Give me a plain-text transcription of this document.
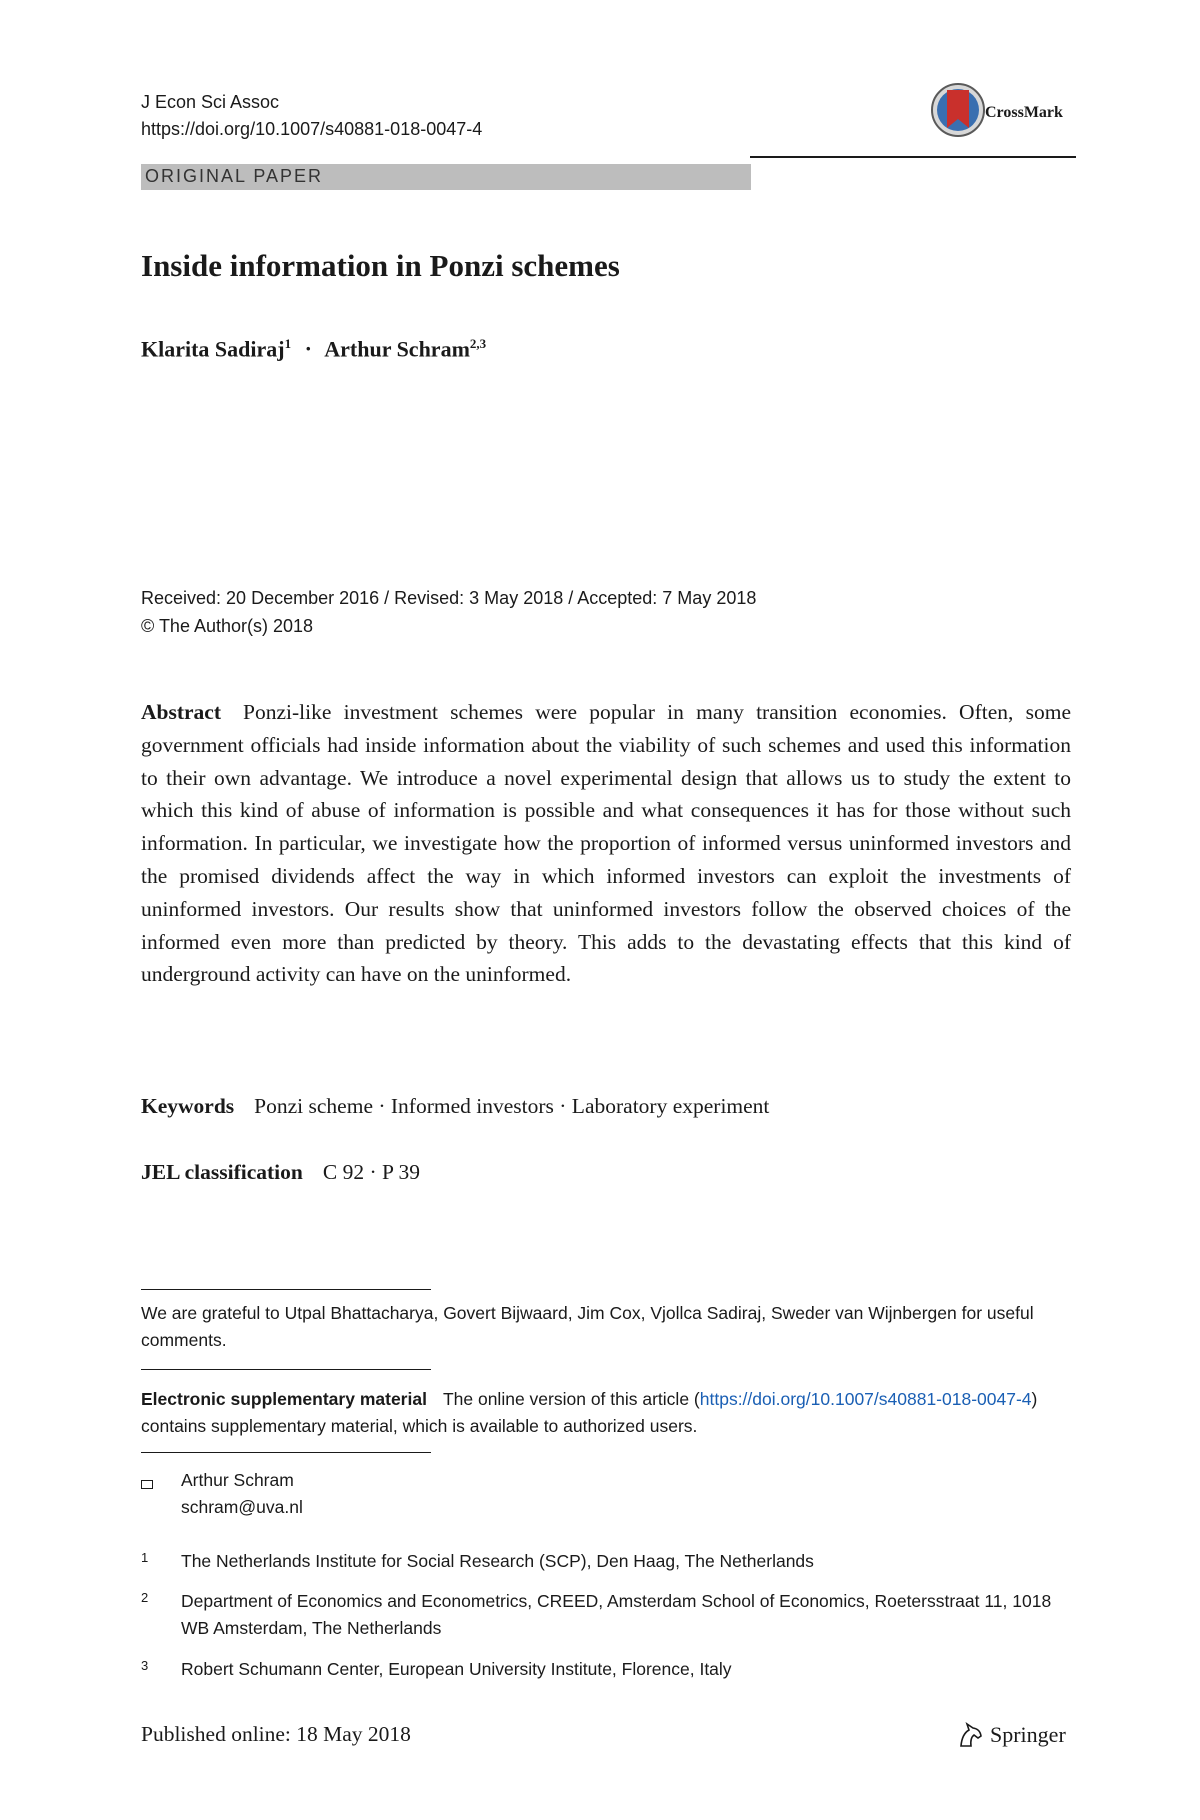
J Econ Sci Assoc
https://doi.org/10.1007/s40881-018-0047-4
CrossMark
ORIGINAL PAPER
Inside information in Ponzi schemes
Klarita Sadiraj$^1$ · Arthur Schram$^{2,3}$
Received: 20 December 2016 / Revised: 3 May 2018 / Accepted: 7 May 2018
© The Author(s) 2018
Abstract Ponzi-like investment schemes were popular in many transition economies. Often, some government officials had inside information about the viability of such schemes and used this information to their own advantage. We introduce a novel experimental design that allows us to study the extent to which this kind of abuse of information is possible and what consequences it has for those without such information. In particular, we investigate how the proportion of informed versus uninformed investors and the promised dividends affect the way in which informed investors can exploit the investments of uninformed investors. Our results show that uninformed investors follow the observed choices of the informed even more than predicted by theory. This adds to the devastating effects that this kind of underground activity can have on the uninformed.
Keywords Ponzi scheme · Informed investors · Laboratory experiment
JEL classification C 92 · P 39
We are grateful to Utpal Bhattacharya, Govert Bijwaard, Jim Cox, Vjollca Sadiraj, Sweder van Wijnbergen for useful comments.
Electronic supplementary material The online version of this article (https://doi.org/10.1007/s40881-018-0047-4) contains supplementary material, which is available to authorized users.
Arthur Schram
schram@uva.nl
1 The Netherlands Institute for Social Research (SCP), Den Haag, The Netherlands
2 Department of Economics and Econometrics, CREED, Amsterdam School of Economics, Roetersstraat 11, 1018 WB Amsterdam, The Netherlands
3 Robert Schumann Center, European University Institute, Florence, Italy
Published online: 18 May 2018	Springer
